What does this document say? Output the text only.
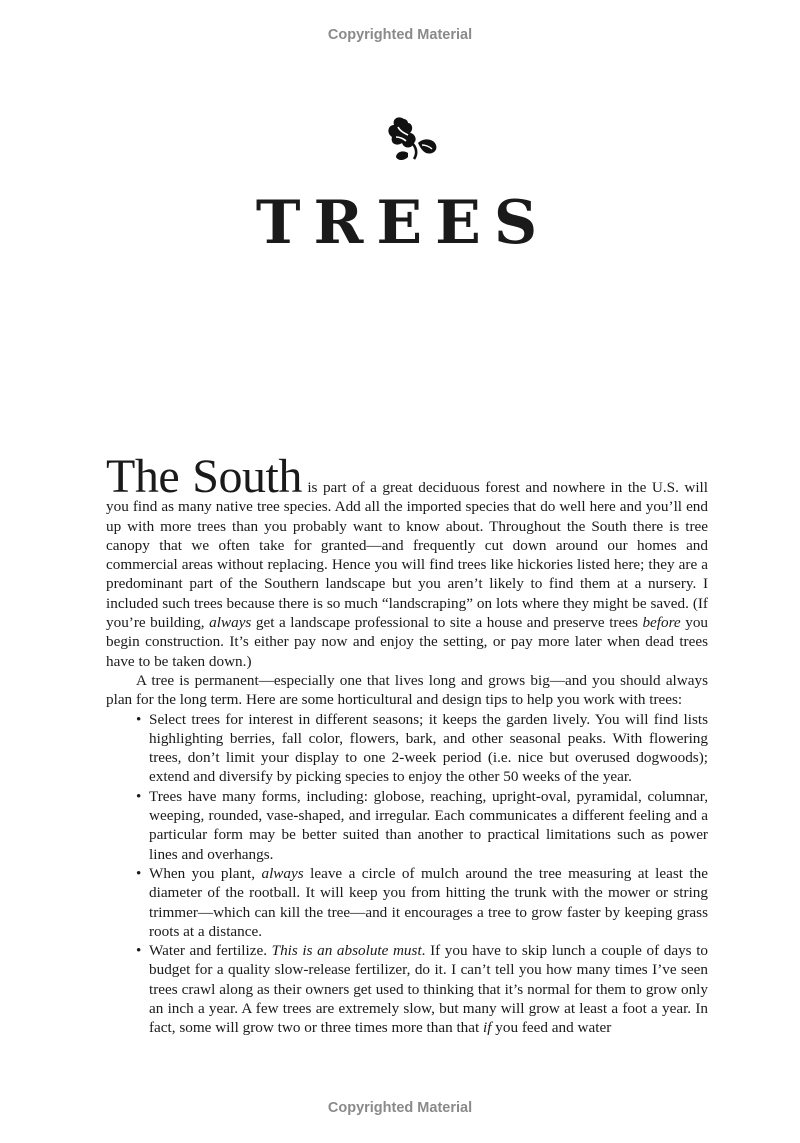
Copyrighted Material
TREES

The South is part of a great deciduous forest and nowhere in the U.S. will you find as many native tree species. Add all the imported species that do well here and you’ll end up with more trees than you probably want to know about. Throughout the South there is tree canopy that we often take for granted—and frequently cut down around our homes and commercial areas without replacing. Hence you will find trees like hickories listed here; they are a predominant part of the Southern landscape but you aren’t likely to find them at a nursery. I included such trees because there is so much “landscraping” on lots where they might be saved. (If you’re building, always get a landscape professional to site a house and preserve trees before you begin construction. It’s either pay now and enjoy the setting, or pay more later when dead trees have to be taken down.)

A tree is permanent—especially one that lives long and grows big—and you should always plan for the long term. Here are some horticultural and design tips to help you work with trees:

• Select trees for interest in different seasons; it keeps the garden lively. You will find lists highlighting berries, fall color, flowers, bark, and other seasonal peaks. With flowering trees, don’t limit your display to one 2-week period (i.e. nice but overused dogwoods); extend and diversify by picking species to enjoy the other 50 weeks of the year.
• Trees have many forms, including: globose, reaching, upright-oval, pyramidal, columnar, weeping, rounded, vase-shaped, and irregular. Each communicates a different feeling and a particular form may be better suited than another to practical limitations such as power lines and overhangs.
• When you plant, always leave a circle of mulch around the tree measuring at least the diameter of the rootball. It will keep you from hitting the trunk with the mower or string trimmer—which can kill the tree—and it encourages a tree to grow faster by keeping grass roots at a distance.
• Water and fertilize. This is an absolute must. If you have to skip lunch a couple of days to budget for a quality slow-release fertilizer, do it. I can’t tell you how many times I’ve seen trees crawl along as their owners get used to thinking that it’s normal for them to grow only an inch a year. A few trees are extremely slow, but many will grow at least a foot a year. In fact, some will grow two or three times more than that if you feed and water
Copyrighted Material
